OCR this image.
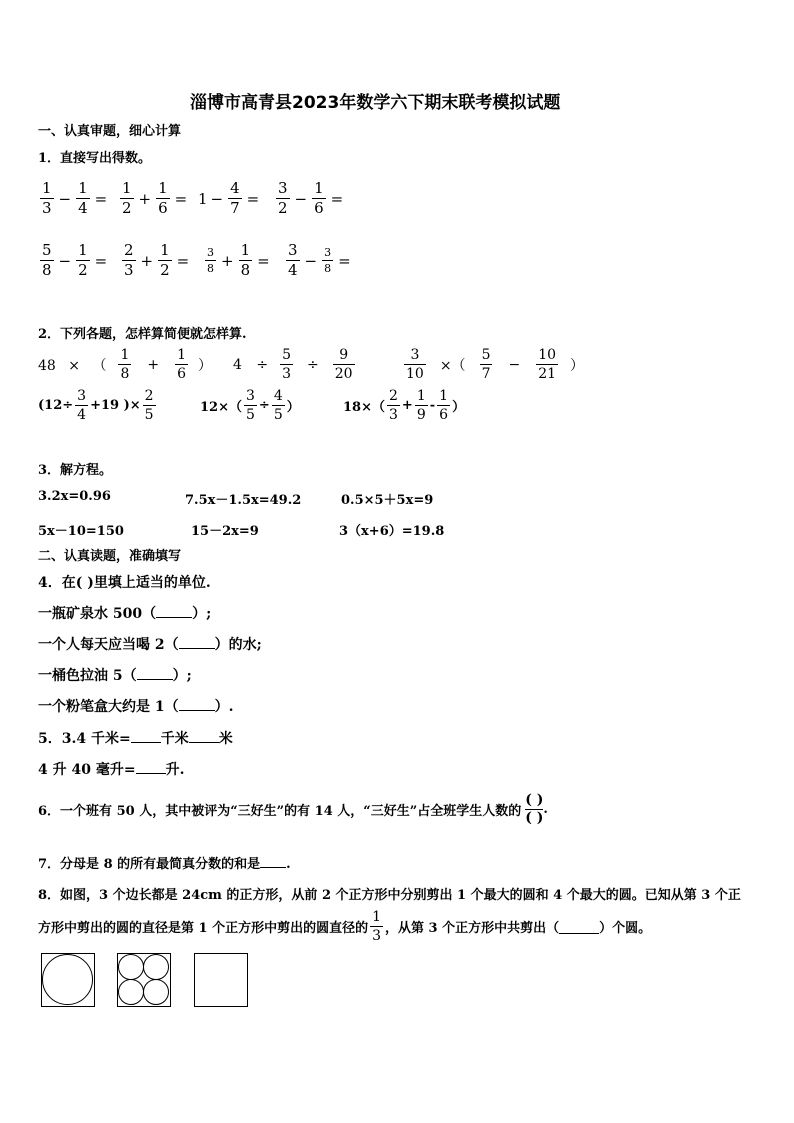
淄博市高青县2023年数学六下期末联考模拟试题
一、认真审题，细心计算
1．直接写出得数。
$\frac{1}{3} - \frac{1}{4} = \frac{1}{2} + \frac{1}{6} = 1 - \frac{4}{7} = \frac{3}{2} - \frac{1}{6}$ =
$\frac{5}{8} - \frac{1}{2} = \frac{2}{3} + \frac{1}{2} = \frac{3}{8} + \frac{1}{8} = \frac{3}{4} - \frac{3}{8}$ =
2．下列各题，怎样算简便就怎样算.
48 × （ $\frac{1}{8} + \frac{1}{6}$ ） $4 \div \frac{5}{3} \div \frac{9}{20}$	$\frac{3}{10}$ ×（ $\frac{5}{7} - \frac{10}{21}$ ）
($12\div \frac{3}{4} +19$ )× $\frac{2}{5}$	$12\times( \frac{3}{5} \div \frac{4}{5}$ ）	$18\times( \frac{2}{3} + \frac{1}{9} - \frac{1}{6}$ ）
3．解方程。
3.2x=0.96	7.5x－1.5x=49.2	0.5×5＋5x=9
5x－10=150	15－2x=9	3（x+6）=19.8
二、认真读题，准确填写
4．在( )里填上适当的单位.
一瓶矿泉水 500（	）;
一个人每天应当喝 2（	）的水;
一桶色拉油 5（	）;
一个粉笔盒大约是 1（	）.
5．3.4 千米= 千米 米
4 升 40 毫升= 升.
6．一个班有 50 人，其中被评为“三好生”的有 14 人，“三好生”占全班学生人数的
( )
( )
.
7．分母是 8 的所有最简真分数的和是 .
8．如图，3 个边长都是 24cm 的正方形，从前 2 个正方形中分别剪出 1 个最大的圆和 4 个最大的圆。已知从第 3 个正
方形中剪出的圆的直径是第 1 个正方形中剪出的圆直径的 $\frac{1}{3}$ ，从第 3 个正方形中共剪出（	）个圆。
